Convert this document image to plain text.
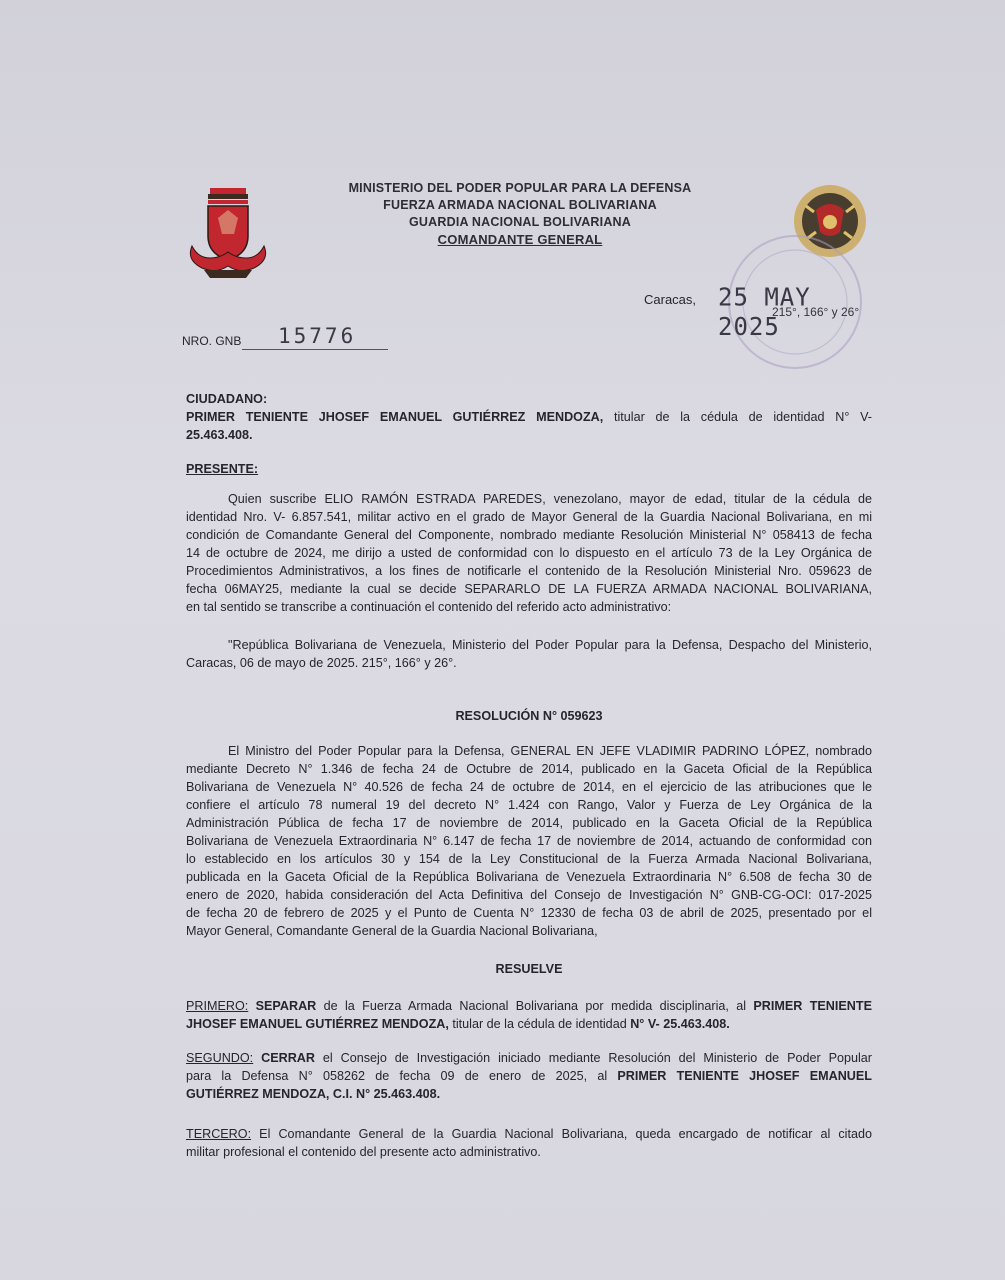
MINISTERIO DEL PODER POPULAR PARA LA DEFENSA
FUERZA ARMADA NACIONAL BOLIVARIANA
GUARDIA NACIONAL BOLIVARIANA
COMANDANTE GENERAL
Caracas, 25 MAY 2025
215°, 166° y 26°
NRO. GNB 15776
CIUDADANO:
PRIMER TENIENTE JHOSEF EMANUEL GUTIÉRREZ MENDOZA, titular de la cédula de identidad N° V-
25.463.408.
PRESENTE:
Quien suscribe ELIO RAMÓN ESTRADA PAREDES, venezolano, mayor de edad, titular de la cédula de
identidad Nro. V- 6.857.541, militar activo en el grado de Mayor General de la Guardia Nacional Bolivariana, en mi
condición de Comandante General del Componente, nombrado mediante Resolución Ministerial N° 058413 de fecha
14 de octubre de 2024, me dirijo a usted de conformidad con lo dispuesto en el artículo 73 de la Ley Orgánica de
Procedimientos Administrativos, a los fines de notificarle el contenido de la Resolución Ministerial Nro. 059623 de
fecha 06MAY25, mediante la cual se decide SEPARARLO DE LA FUERZA ARMADA NACIONAL BOLIVARIANA,
en tal sentido se transcribe a continuación el contenido del referido acto administrativo:
"República Bolivariana de Venezuela, Ministerio del Poder Popular para la Defensa, Despacho del Ministerio,
Caracas, 06 de mayo de 2025. 215°, 166° y 26°.
RESOLUCIÓN N° 059623
El Ministro del Poder Popular para la Defensa, GENERAL EN JEFE VLADIMIR PADRINO LÓPEZ, nombrado
mediante Decreto N° 1.346 de fecha 24 de Octubre de 2014, publicado en la Gaceta Oficial de la República
Bolivariana de Venezuela N° 40.526 de fecha 24 de octubre de 2014, en el ejercicio de las atribuciones que le
confiere el artículo 78 numeral 19 del decreto N° 1.424 con Rango, Valor y Fuerza de Ley Orgánica de la
Administración Pública de fecha 17 de noviembre de 2014, publicado en la Gaceta Oficial de la República
Bolivariana de Venezuela Extraordinaria N° 6.147 de fecha 17 de noviembre de 2014, actuando de conformidad con
lo establecido en los artículos 30 y 154 de la Ley Constitucional de la Fuerza Armada Nacional Bolivariana,
publicada en la Gaceta Oficial de la República Bolivariana de Venezuela Extraordinaria N° 6.508 de fecha 30 de
enero de 2020, habida consideración del Acta Definitiva del Consejo de Investigación N° GNB-CG-OCI: 017-2025
de fecha 20 de febrero de 2025 y el Punto de Cuenta N° 12330 de fecha 03 de abril de 2025, presentado por el
Mayor General, Comandante General de la Guardia Nacional Bolivariana,
RESUELVE
PRIMERO: SEPARAR de la Fuerza Armada Nacional Bolivariana por medida disciplinaria, al PRIMER TENIENTE
JHOSEF EMANUEL GUTIÉRREZ MENDOZA, titular de la cédula de identidad N° V- 25.463.408.
SEGUNDO: CERRAR el Consejo de Investigación iniciado mediante Resolución del Ministerio de Poder Popular
para la Defensa N° 058262 de fecha 09 de enero de 2025, al PRIMER TENIENTE JHOSEF EMANUEL
GUTIÉRREZ MENDOZA, C.I. N° 25.463.408.
TERCERO: El Comandante General de la Guardia Nacional Bolivariana, queda encargado de notificar al citado
militar profesional el contenido del presente acto administrativo.
